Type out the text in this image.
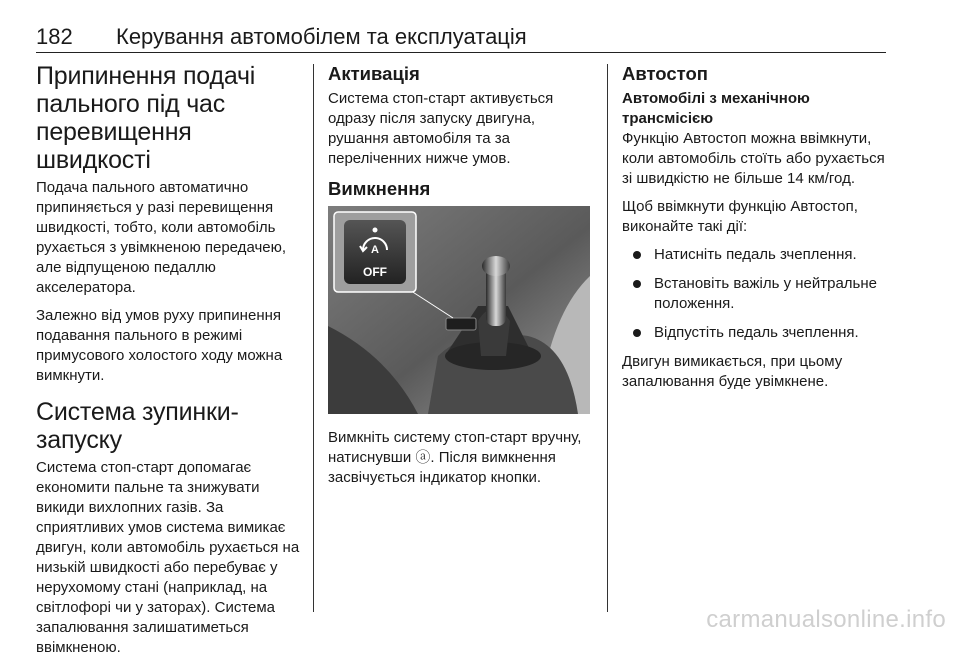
182 Керування автомобілем та експлуатація
Припинення подачі пального під час перевищення швидкості

Подача пального автоматично припиняється у разі перевищення швидкості, тобто, коли автомобіль рухається з увімкненою передачею, але відпущеною педаллю акселератора.

Залежно від умов руху припинення подавання пального в режимі примусового холостого ходу можна вимкнути.

Система зупинки-запуску

Система стоп-старт допомагає економити пальне та знижувати викиди вихлопних газів. За сприятливих умов система вимикає двигун, коли автомобіль рухається на низькій швидкості або перебуває у нерухомому стані (наприклад, на світлофорі чи у заторах). Система запалювання залишатиметься ввімкненою.

Активація

Система стоп-старт активується одразу після запуску двигуна, рушання автомобіля та за переліченних нижче умов.

Вимкнення
A
OFF

Вимкніть систему стоп-старт вручну, натиснувши ⓐ. Після вимкнення засвічується індикатор кнопки.

Автостоп
Автомобілі з механічною трансмісією

Функцію Автостоп можна ввімкнути, коли автомобіль стоїть або рухається зі швидкістю не більше 14 км/год.

Щоб ввімкнути функцію Автостоп, виконайте такі дії:

Натисніть педаль зчеплення.
Встановіть важіль у нейтральне положення.
Відпустіть педаль зчеплення.

Двигун вимикається, при цьому запалювання буде увімкнене.

carmanualsonline.info
